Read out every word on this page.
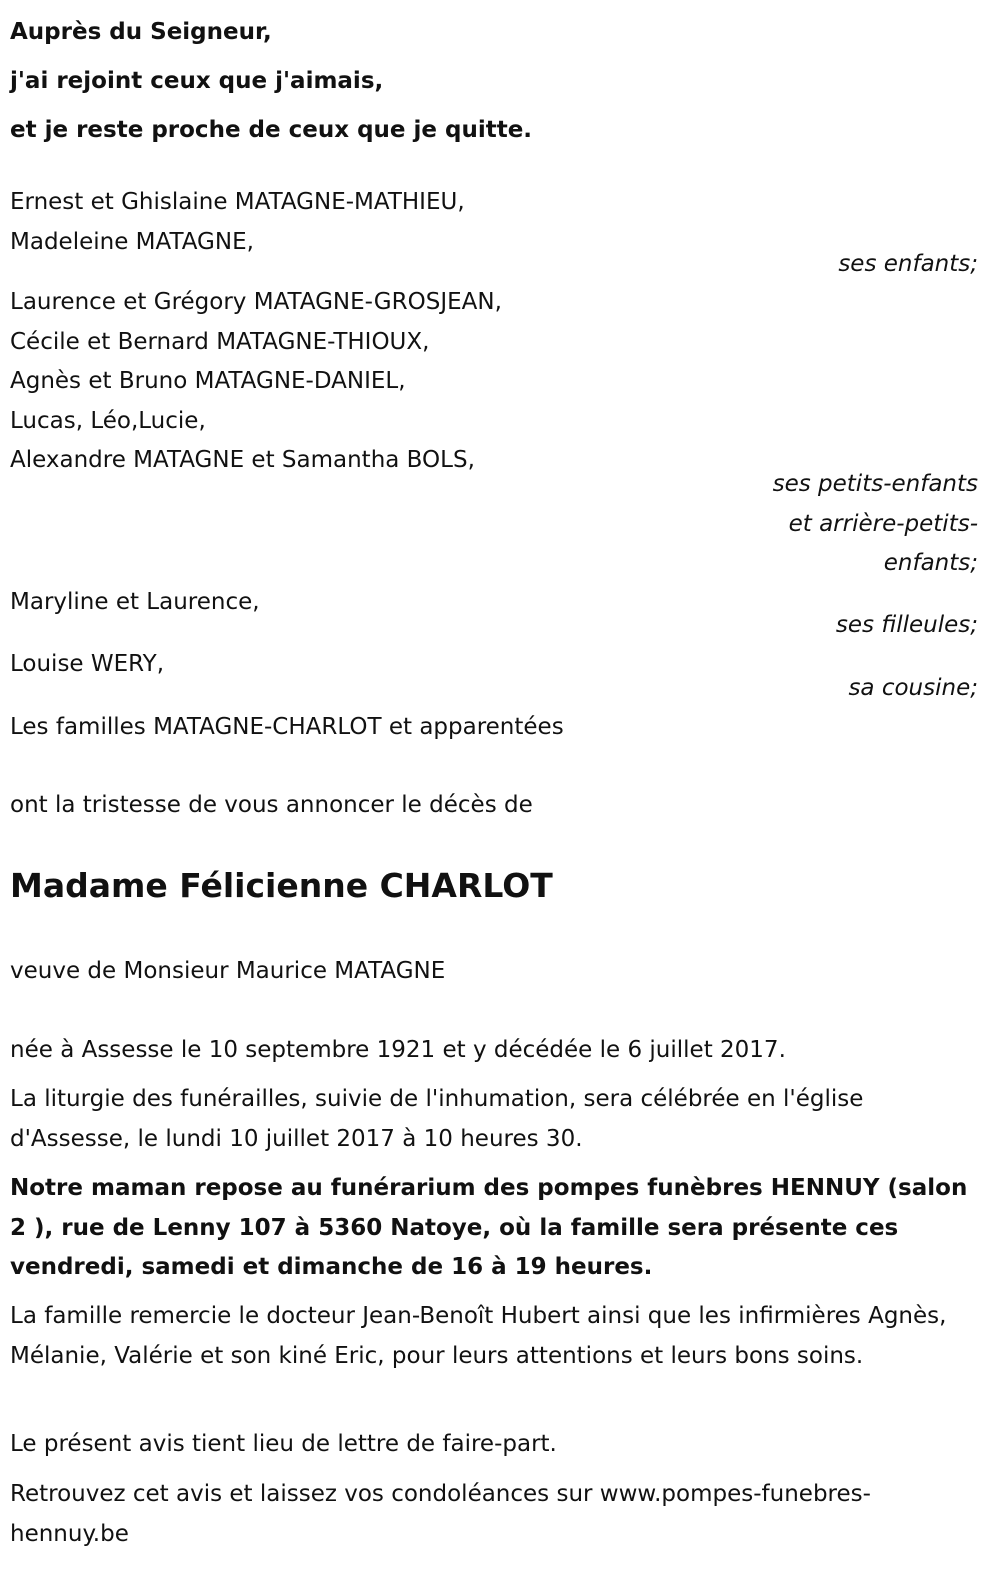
Auprès du Seigneur,

j'ai rejoint ceux que j'aimais,

et je reste proche de ceux que je quitte.

Ernest et Ghislaine MATAGNE-MATHIEU,

Madeleine MATAGNE,

ses enfants;

Laurence et Grégory MATAGNE-GROSJEAN,

Cécile et Bernard MATAGNE-THIOUX,

Agnès et Bruno MATAGNE-DANIEL,

Lucas, Léo,Lucie,

Alexandre MATAGNE et Samantha BOLS,

ses petits-enfants

et arrière-petits-

enfants;

Maryline et Laurence,
ses filleules;
Louise WERY,
sa cousine;
Les familles MATAGNE-CHARLOT et apparentées
ont la tristesse de vous annoncer le décès de
Madame Félicienne CHARLOT
veuve de Monsieur Maurice MATAGNE
née à Assesse le 10 septembre 1921 et y décédée le 6 juillet 2017.
La liturgie des funérailles, suivie de l'inhumation, sera célébrée en l'église d'Assesse, le lundi 10 juillet 2017 à 10 heures 30.
Notre maman repose au funérarium des pompes funèbres HENNUY (salon 2 ), rue de Lenny 107 à 5360 Natoye, où la famille sera présente ces vendredi, samedi et dimanche de 16 à 19 heures.
La famille remercie le docteur Jean-Benoît Hubert ainsi que les infirmières Agnès, Mélanie, Valérie et son kiné Eric, pour leurs attentions et leurs bons soins.
Le présent avis tient lieu de lettre de faire-part.
Retrouvez cet avis et laissez vos condoléances sur www.pompes-funebres-hennuy.be
